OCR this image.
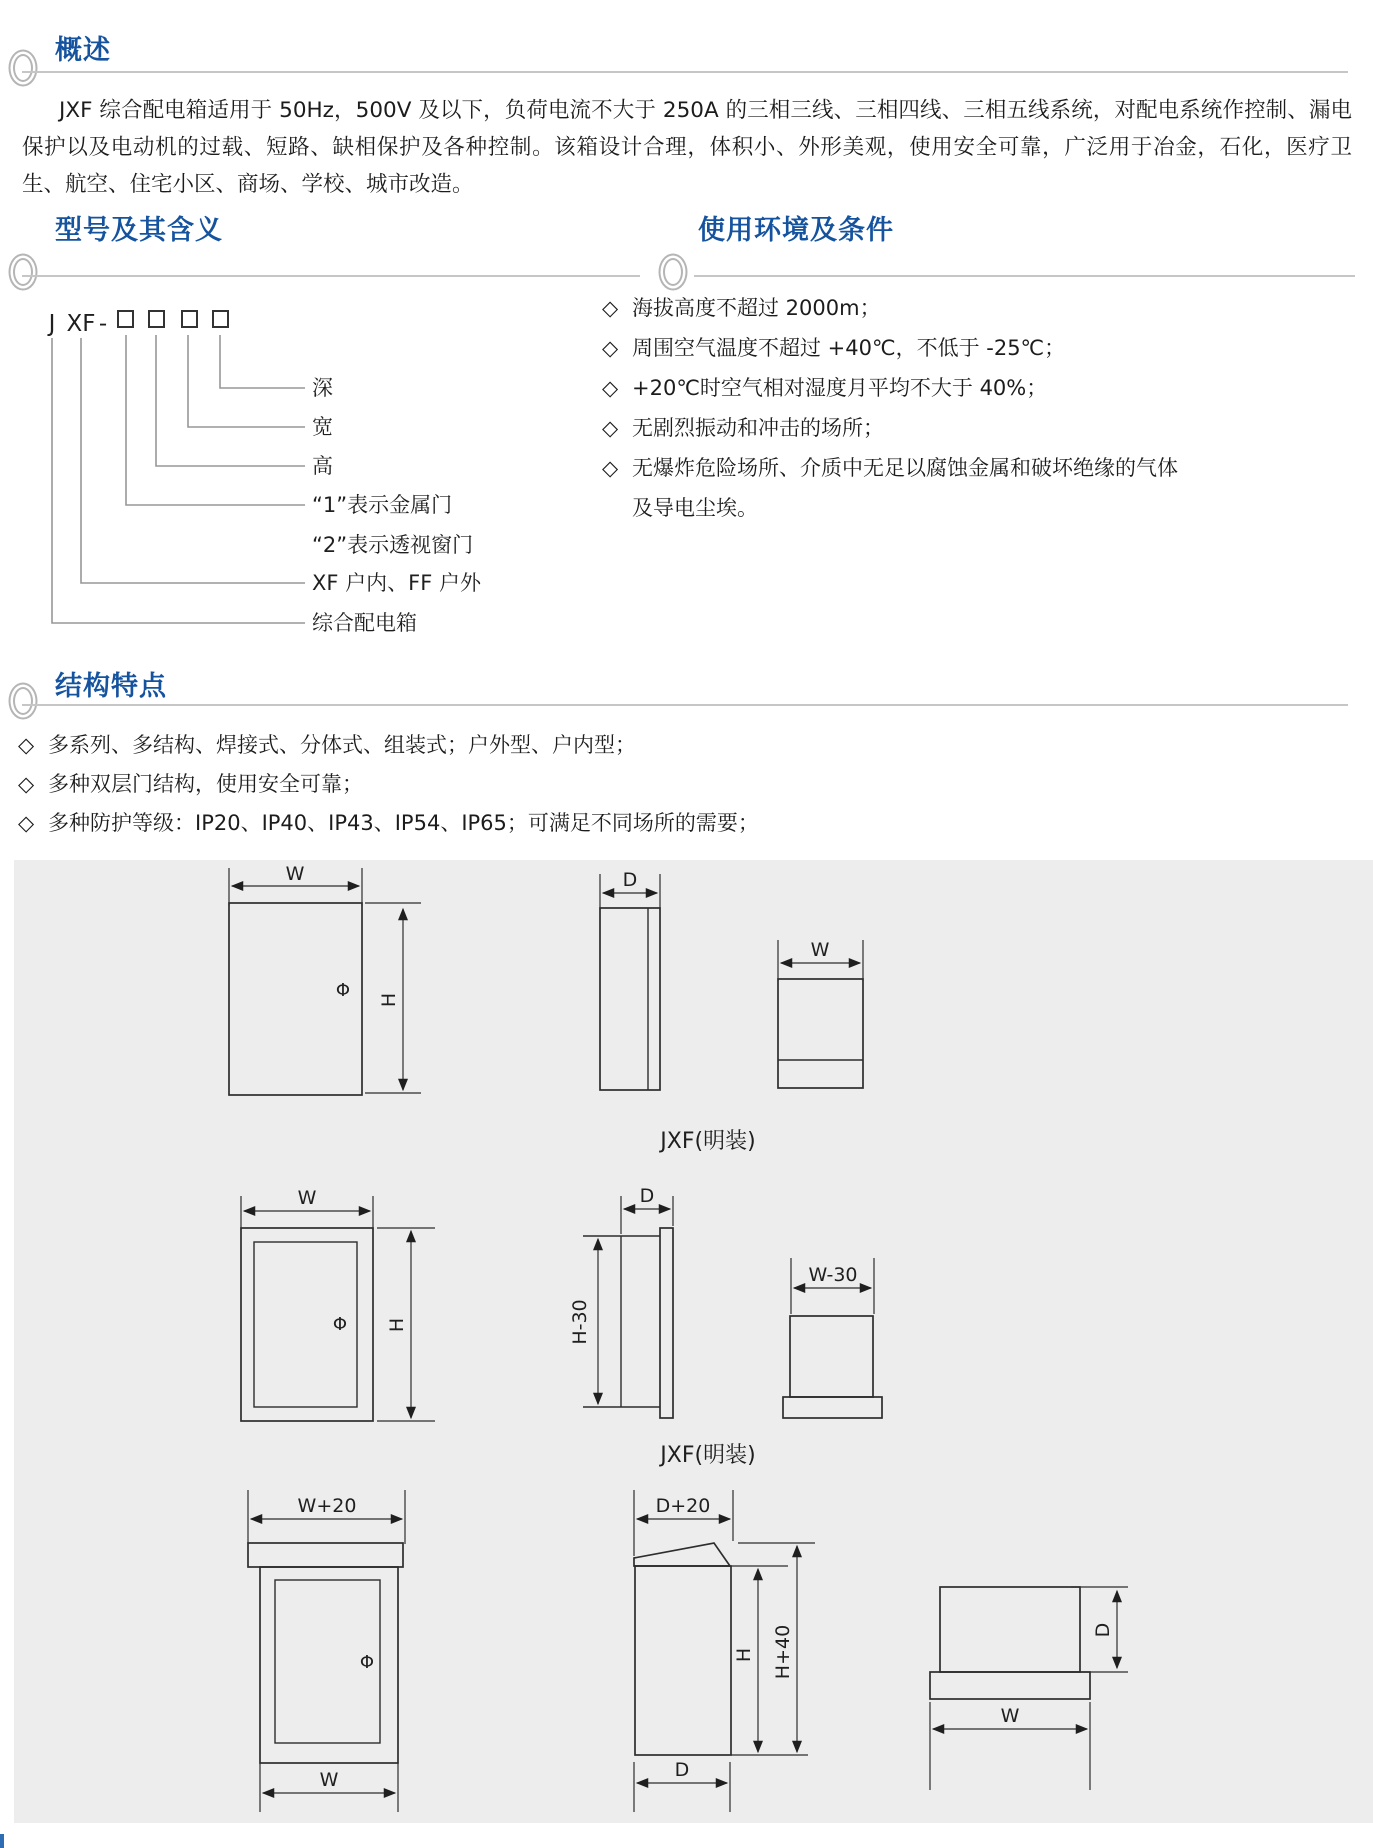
概述

JXF 综合配电箱适用于 50Hz，500V 及以下，负荷电流不大于 250A 的三相三线、三相四线、三相五线系统，对配电系统作控制、漏电保护以及电动机的过载、短路、缺相保护及各种控制。该箱设计合理，体积小、外形美观，使用安全可靠，广泛用于冶金，石化，医疗卫生、航空、住宅小区、商场、学校、城市改造。

型号及其含义	使用环境及条件
J XF -
深
宽
高
“1”表示金属门
“2”表示透视窗门
XF 户内、FF 户外
综合配电箱
◇ 海拔高度不超过 2000m；
◇ 周围空气温度不超过 +40℃，不低于 -25℃；
◇ +20℃时空气相对湿度月平均不大于 40%；
◇ 无剧烈振动和冲击的场所；
◇ 无爆炸危险场所、介质中无足以腐蚀金属和破坏绝缘的气体及导电尘埃。
结构特点
◇ 多系列、多结构、焊接式、分体式、组装式；户外型、户内型；
◇ 多种双层门结构，使用安全可靠；
◇ 多种防护等级：IP20、IP40、IP43、IP54、IP65；可满足不同场所的需要；
W
H
Φ
D
W
JXF(明装)
W
H
Φ
D
H-30
W-30
JXF(明装)
W+20
Φ
W
D+20
H H+40
D
D
W
